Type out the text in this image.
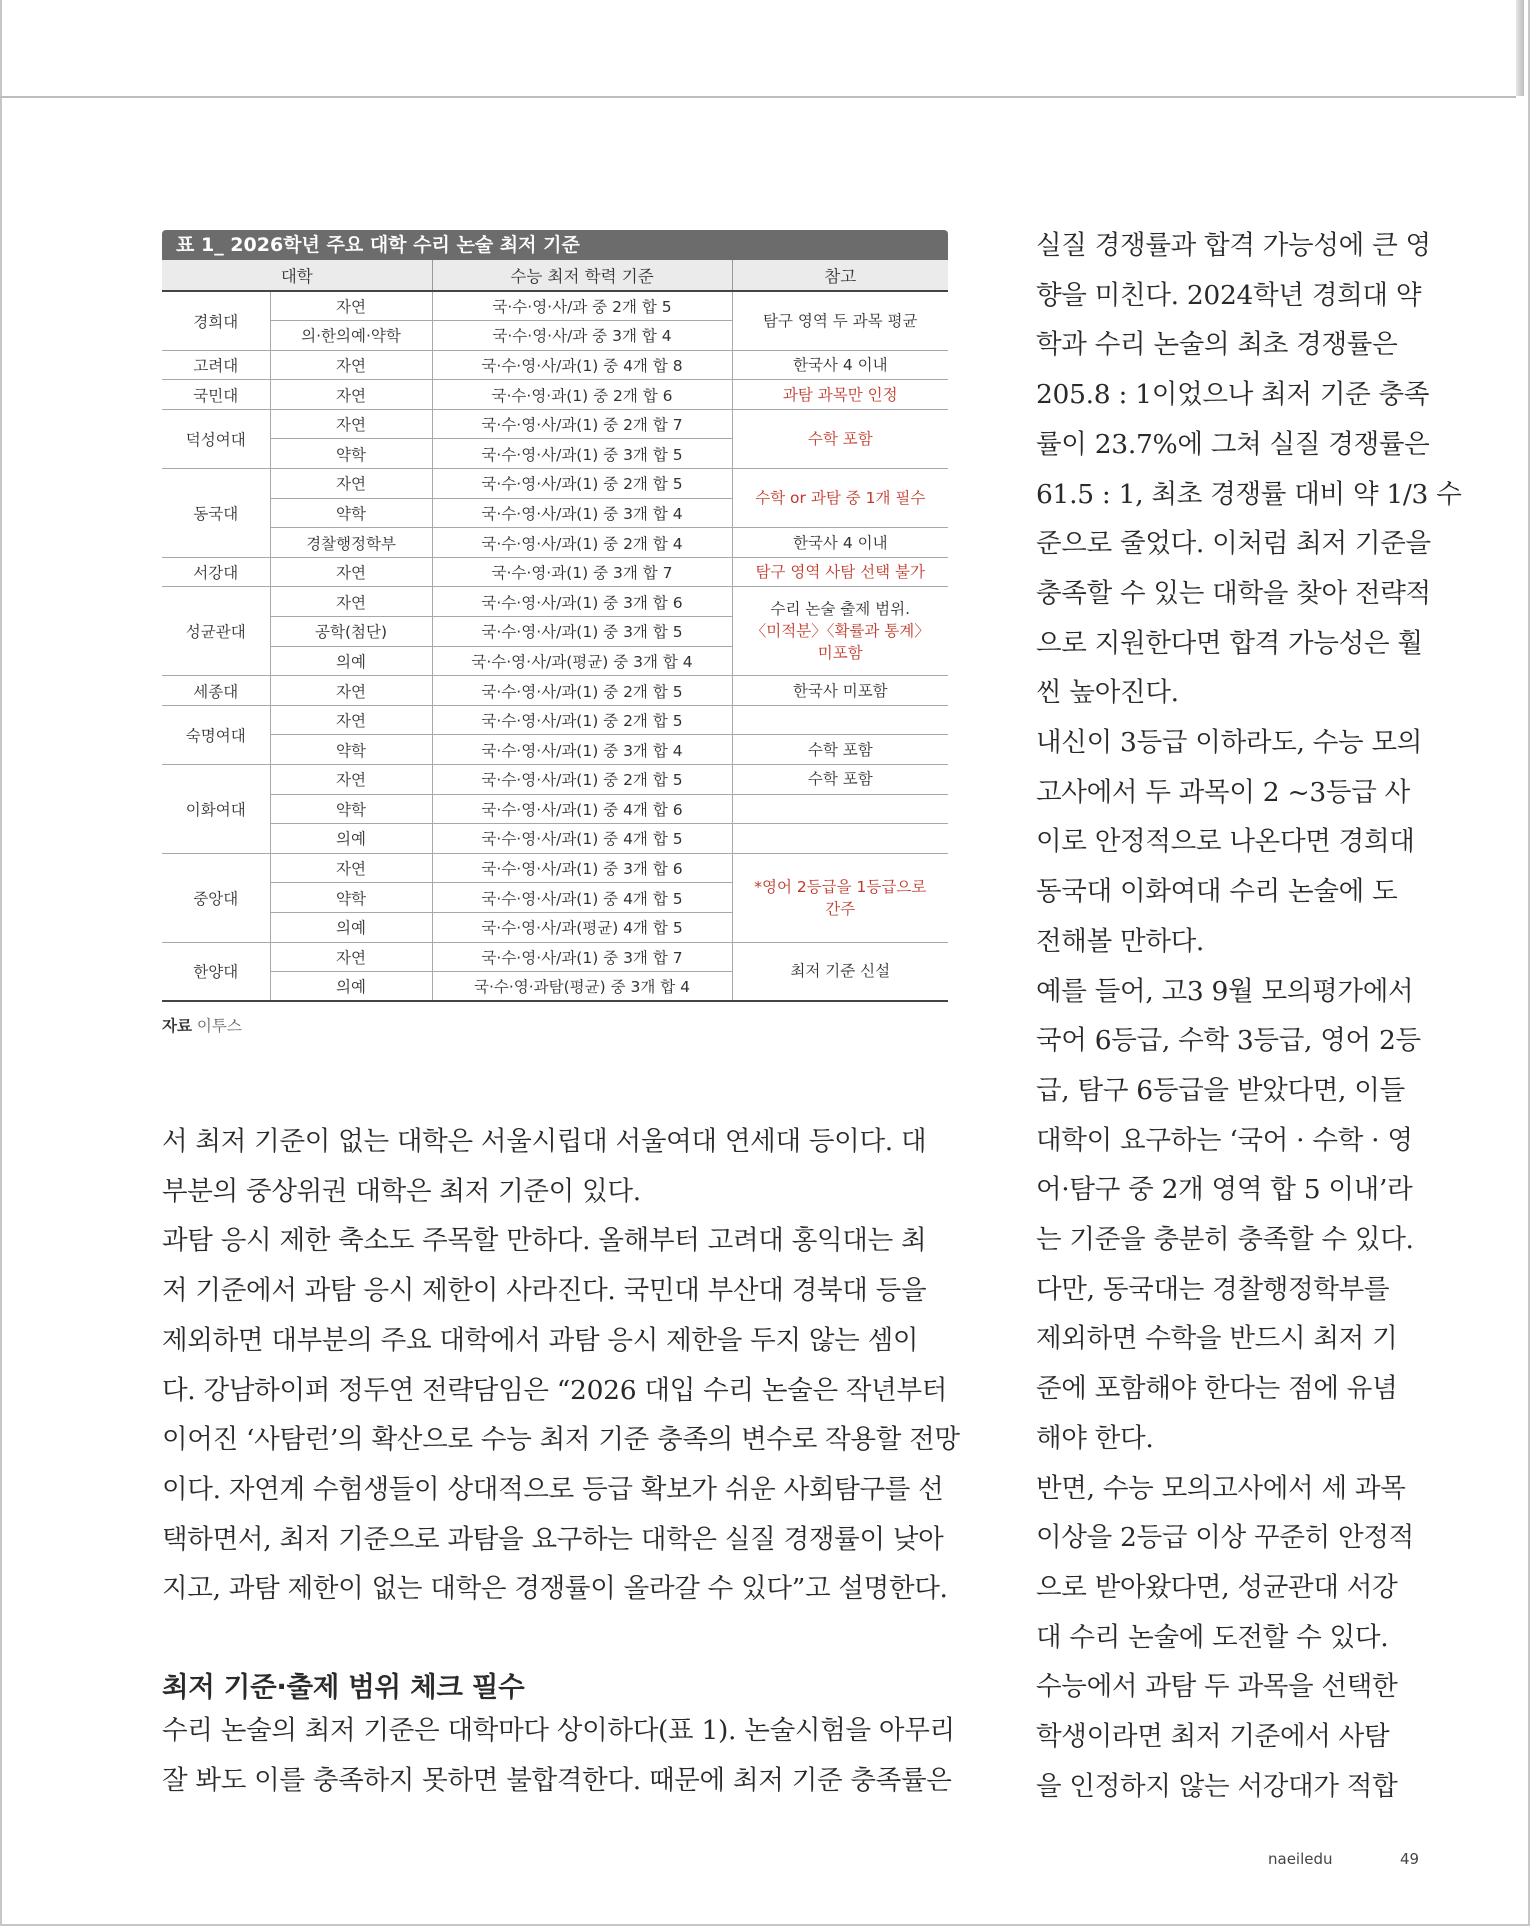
표 1_ 2026학년 주요 대학 수리 논술 최저 기준
대학		수능 최저 학력 기준	참고
경희대	자연	국·수·영·사/과 중 2개 합 5	탐구 영역 두 과목 평균
	의·한의예·약학	국·수·영·사/과 중 3개 합 4	
고려대	자연	국·수·영·사/과(1) 중 4개 합 8	한국사 4 이내
국민대	자연	국·수·영·과(1) 중 2개 합 6	과탐 과목만 인정
덕성여대	자연	국·수·영·사/과(1) 중 2개 합 7	수학 포함
	약학	국·수·영·사/과(1) 중 3개 합 5	
동국대	자연	국·수·영·사/과(1) 중 2개 합 5	수학 or 과탐 중 1개 필수
	약학	국·수·영·사/과(1) 중 3개 합 4	
	경찰행정학부	국·수·영·사/과(1) 중 2개 합 4	한국사 4 이내
서강대	자연	국·수·영·과(1) 중 3개 합 7	탐구 영역 사탐 선택 불가
성균관대	자연	국·수·영·사/과(1) 중 3개 합 6	수리 논술 출제 범위.
〈미적분〉〈확률과 통계〉
미포함

	공학(첨단)	국·수·영·사/과(1) 중 3개 합 5	
	의예	국·수·영·사/과(평균) 중 3개 합 4	
세종대	자연	국·수·영·사/과(1) 중 2개 합 5	한국사 미포함
숙명여대	자연	국·수·영·사/과(1) 중 2개 합 5	
	약학	국·수·영·사/과(1) 중 3개 합 4	수학 포함
이화여대	자연	국·수·영·사/과(1) 중 2개 합 5	수학 포함
	약학	국·수·영·사/과(1) 중 4개 합 6	
	의예	국·수·영·사/과(1) 중 4개 합 5	
중앙대	자연	국·수·영·사/과(1) 중 3개 합 6	*영어 2등급을 1등급으로
간주

	약학	국·수·영·사/과(1) 중 4개 합 5	
	의예	국·수·영·사/과(평균) 4개 합 5	
한양대	자연	국·수·영·사/과(1) 중 3개 합 7	최저 기준 신설
	의예	국·수·영·과탐(평균) 중 3개 합 4	
자료 이투스

서 최저 기준이 없는 대학은 서울시립대 서울여대 연세대 등이다. 대

부분의 중상위권 대학은 최저 기준이 있다.

과탐 응시 제한 축소도 주목할 만하다. 올해부터 고려대 홍익대는 최

저 기준에서 과탐 응시 제한이 사라진다. 국민대 부산대 경북대 등을

제외하면 대부분의 주요 대학에서 과탐 응시 제한을 두지 않는 셈이

다. 강남하이퍼 정두연 전략담임은 “2026 대입 수리 논술은 작년부터

이어진 ‘사탐런’의 확산으로 수능 최저 기준 충족의 변수로 작용할 전망

이다. 자연계 수험생들이 상대적으로 등급 확보가 쉬운 사회탐구를 선

택하면서, 최저 기준으로 과탐을 요구하는 대학은 실질 경쟁률이 낮아

지고, 과탐 제한이 없는 대학은 경쟁률이 올라갈 수 있다”고 설명한다.

최저 기준·출제 범위 체크 필수

수리 논술의 최저 기준은 대학마다 상이하다(표 1). 논술시험을 아무리

잘 봐도 이를 충족하지 못하면 불합격한다. 때문에 최저 기준 충족률은

실질 경쟁률과 합격 가능성에 큰 영

향을 미친다. 2024학년 경희대 약

학과 수리 논술의 최초 경쟁률은

205.8 : 1이었으나 최저 기준 충족

률이 23.7%에 그쳐 실질 경쟁률은

61.5 : 1, 최초 경쟁률 대비 약 1/3 수

준으로 줄었다. 이처럼 최저 기준을

충족할 수 있는 대학을 찾아 전략적

으로 지원한다면 합격 가능성은 훨

씬 높아진다.

내신이 3등급 이하라도, 수능 모의

고사에서 두 과목이 2 ~3등급 사

이로 안정적으로 나온다면 경희대

동국대 이화여대 수리 논술에 도

전해볼 만하다.

예를 들어, 고3 9월 모의평가에서

국어 6등급, 수학 3등급, 영어 2등

급, 탐구 6등급을 받았다면, 이들

대학이 요구하는 ‘국어 · 수학 · 영

어·탐구 중 2개 영역 합 5 이내’라

는 기준을 충분히 충족할 수 있다.

다만, 동국대는 경찰행정학부를

제외하면 수학을 반드시 최저 기

준에 포함해야 한다는 점에 유념

해야 한다.

반면, 수능 모의고사에서 세 과목

이상을 2등급 이상 꾸준히 안정적

으로 받아왔다면, 성균관대 서강

대 수리 논술에 도전할 수 있다.

수능에서 과탐 두 과목을 선택한

학생이라면 최저 기준에서 사탐

을 인정하지 않는 서강대가 적합

naeiledu	49
